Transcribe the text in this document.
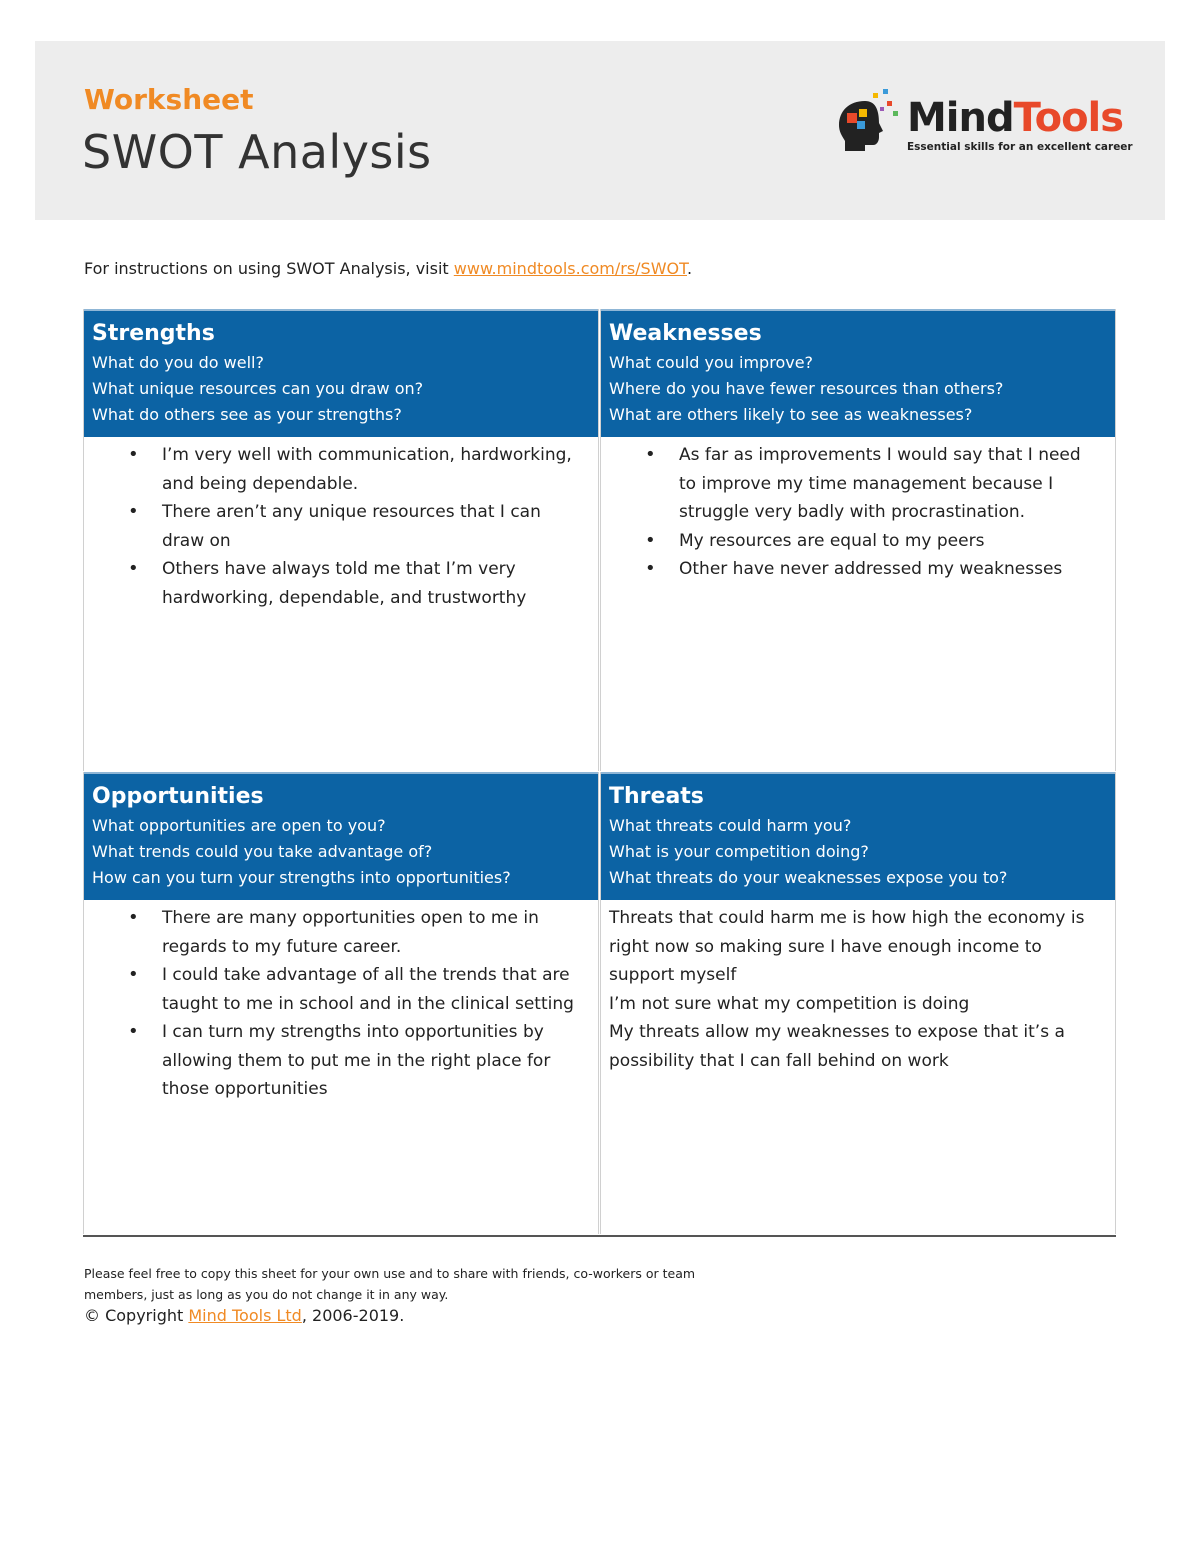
Worksheet
SWOT Analysis
MindTools
Essential skills for an excellent career
For instructions on using SWOT Analysis, visit www.mindtools.com/rs/SWOT.
Strengths
What do you do well?
What unique resources can you draw on?
What do others see as your strengths?
• I’m very well with communication, hardworking, and being dependable.
• There aren’t any unique resources that I can draw on
• Others have always told me that I’m very hardworking, dependable, and trustworthy
Weaknesses
What could you improve?
Where do you have fewer resources than others?
What are others likely to see as weaknesses?
• As far as improvements I would say that I need to improve my time management because I struggle very badly with procrastination.
• My resources are equal to my peers
• Other have never addressed my weaknesses
Opportunities
What opportunities are open to you?
What trends could you take advantage of?
How can you turn your strengths into opportunities?
• There are many opportunities open to me in regards to my future career.
• I could take advantage of all the trends that are taught to me in school and in the clinical setting
• I can turn my strengths into opportunities by allowing them to put me in the right place for those opportunities
Threats
What threats could harm you?
What is your competition doing?
What threats do your weaknesses expose you to?

Threats that could harm me is how high the economy is right now so making sure I have enough income to support myself

I’m not sure what my competition is doing

My threats allow my weaknesses to expose that it’s a possibility that I can fall behind on work

Please feel free to copy this sheet for your own use and to share with friends, co-workers or team members, just as long as you do not change it in any way.
© Copyright Mind Tools Ltd, 2006-2019.
